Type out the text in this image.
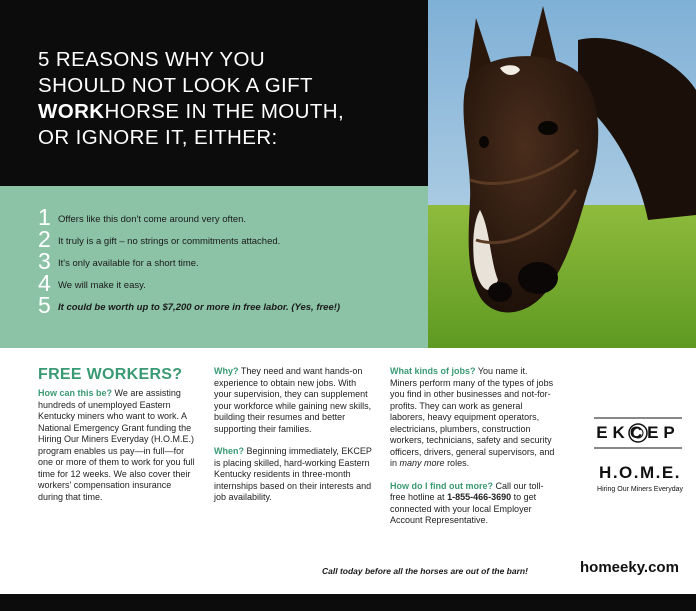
5 REASONS WHY YOU
SHOULD NOT LOOK A GIFT
WORKHORSE IN THE MOUTH,
OR IGNORE IT, EITHER:
1 Offers like this don't come around very often.
2 It truly is a gift – no strings or commitments attached.
3 It's only available for a short time.
4 We will make it easy.
5 It could be worth up to $7,200 or more in free labor. (Yes, free!)
FREE WORKERS?

How can this be? We are assisting hundreds of unemployed Eastern Kentucky miners who want to work. A National Emergency Grant funding the Hiring Our Miners Everyday (H.O.M.E.) program enables us pay—in full—for one or more of them to work for you full time for 12 weeks. We also cover their workers' compensation insurance during that time.

Why? They need and want hands-on experience to obtain new jobs. With your supervision, they can supplement your workforce while gaining new skills, building their resumes and better supporting their families.

When? Beginning immediately, EKCEP is placing skilled, hard-working Eastern Kentucky residents in three-month internships based on their interests and job availability.

What kinds of jobs? You name it. Miners perform many of the types of jobs you find in other businesses and not-for-profits. They can work as general laborers, heavy equipment operators, electricians, plumbers, construction workers, technicians, safety and security officers, drivers, general supervisors, and in many more roles.

How do I find out more? Call our toll-free hotline at 1-855-466-3690 to get connected with your local Employer Account Representative.

EKCEP
H.O.M.E.
Hiring Our Miners Everyday
Call today before all the horses are out of the barn!	homeeky.com
